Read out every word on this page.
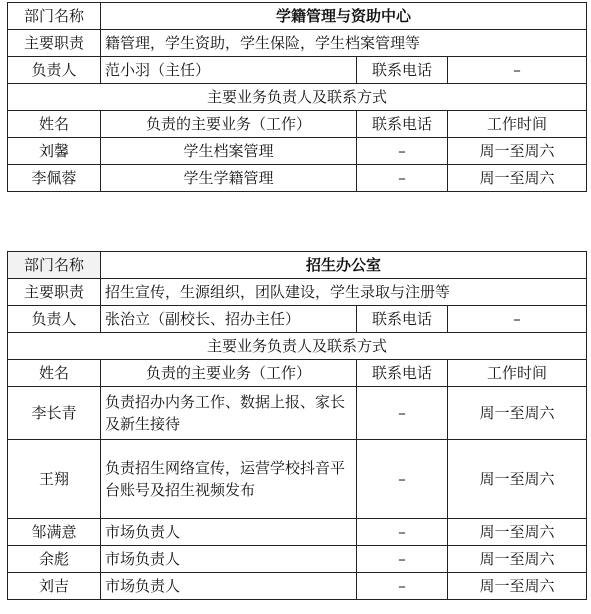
部门名称	学籍管理与资助中心		
主要职责	籍管理，学生资助，学生保险，学生档案管理等		
负责人	范小羽（主任）	联系电话	–
主要业务负责人及联系方式			
姓名	负责的主要业务（工作）	联系电话	工作时间
刘馨	学生档案管理	–	周一至周六
李佩蓉	学生学籍管理	–	周一至周六
部门名称	招生办公室		
主要职责	招生宣传，生源组织，团队建设，学生录取与注册等		
负责人	张治立（副校长、招办主任）	联系电话	–
主要业务负责人及联系方式			
姓名	负责的主要业务（工作）	联系电话	工作时间
李长青	负责招办内务工作、数据上报、家长及新生接待	–	周一至周六
王翔	负责招生网络宣传，运营学校抖音平台账号及招生视频发布	–	周一至周六
邹满意	市场负责人	–	周一至周六
余彪	市场负责人	–	周一至周六
刘吉	市场负责人	–	周一至周六
